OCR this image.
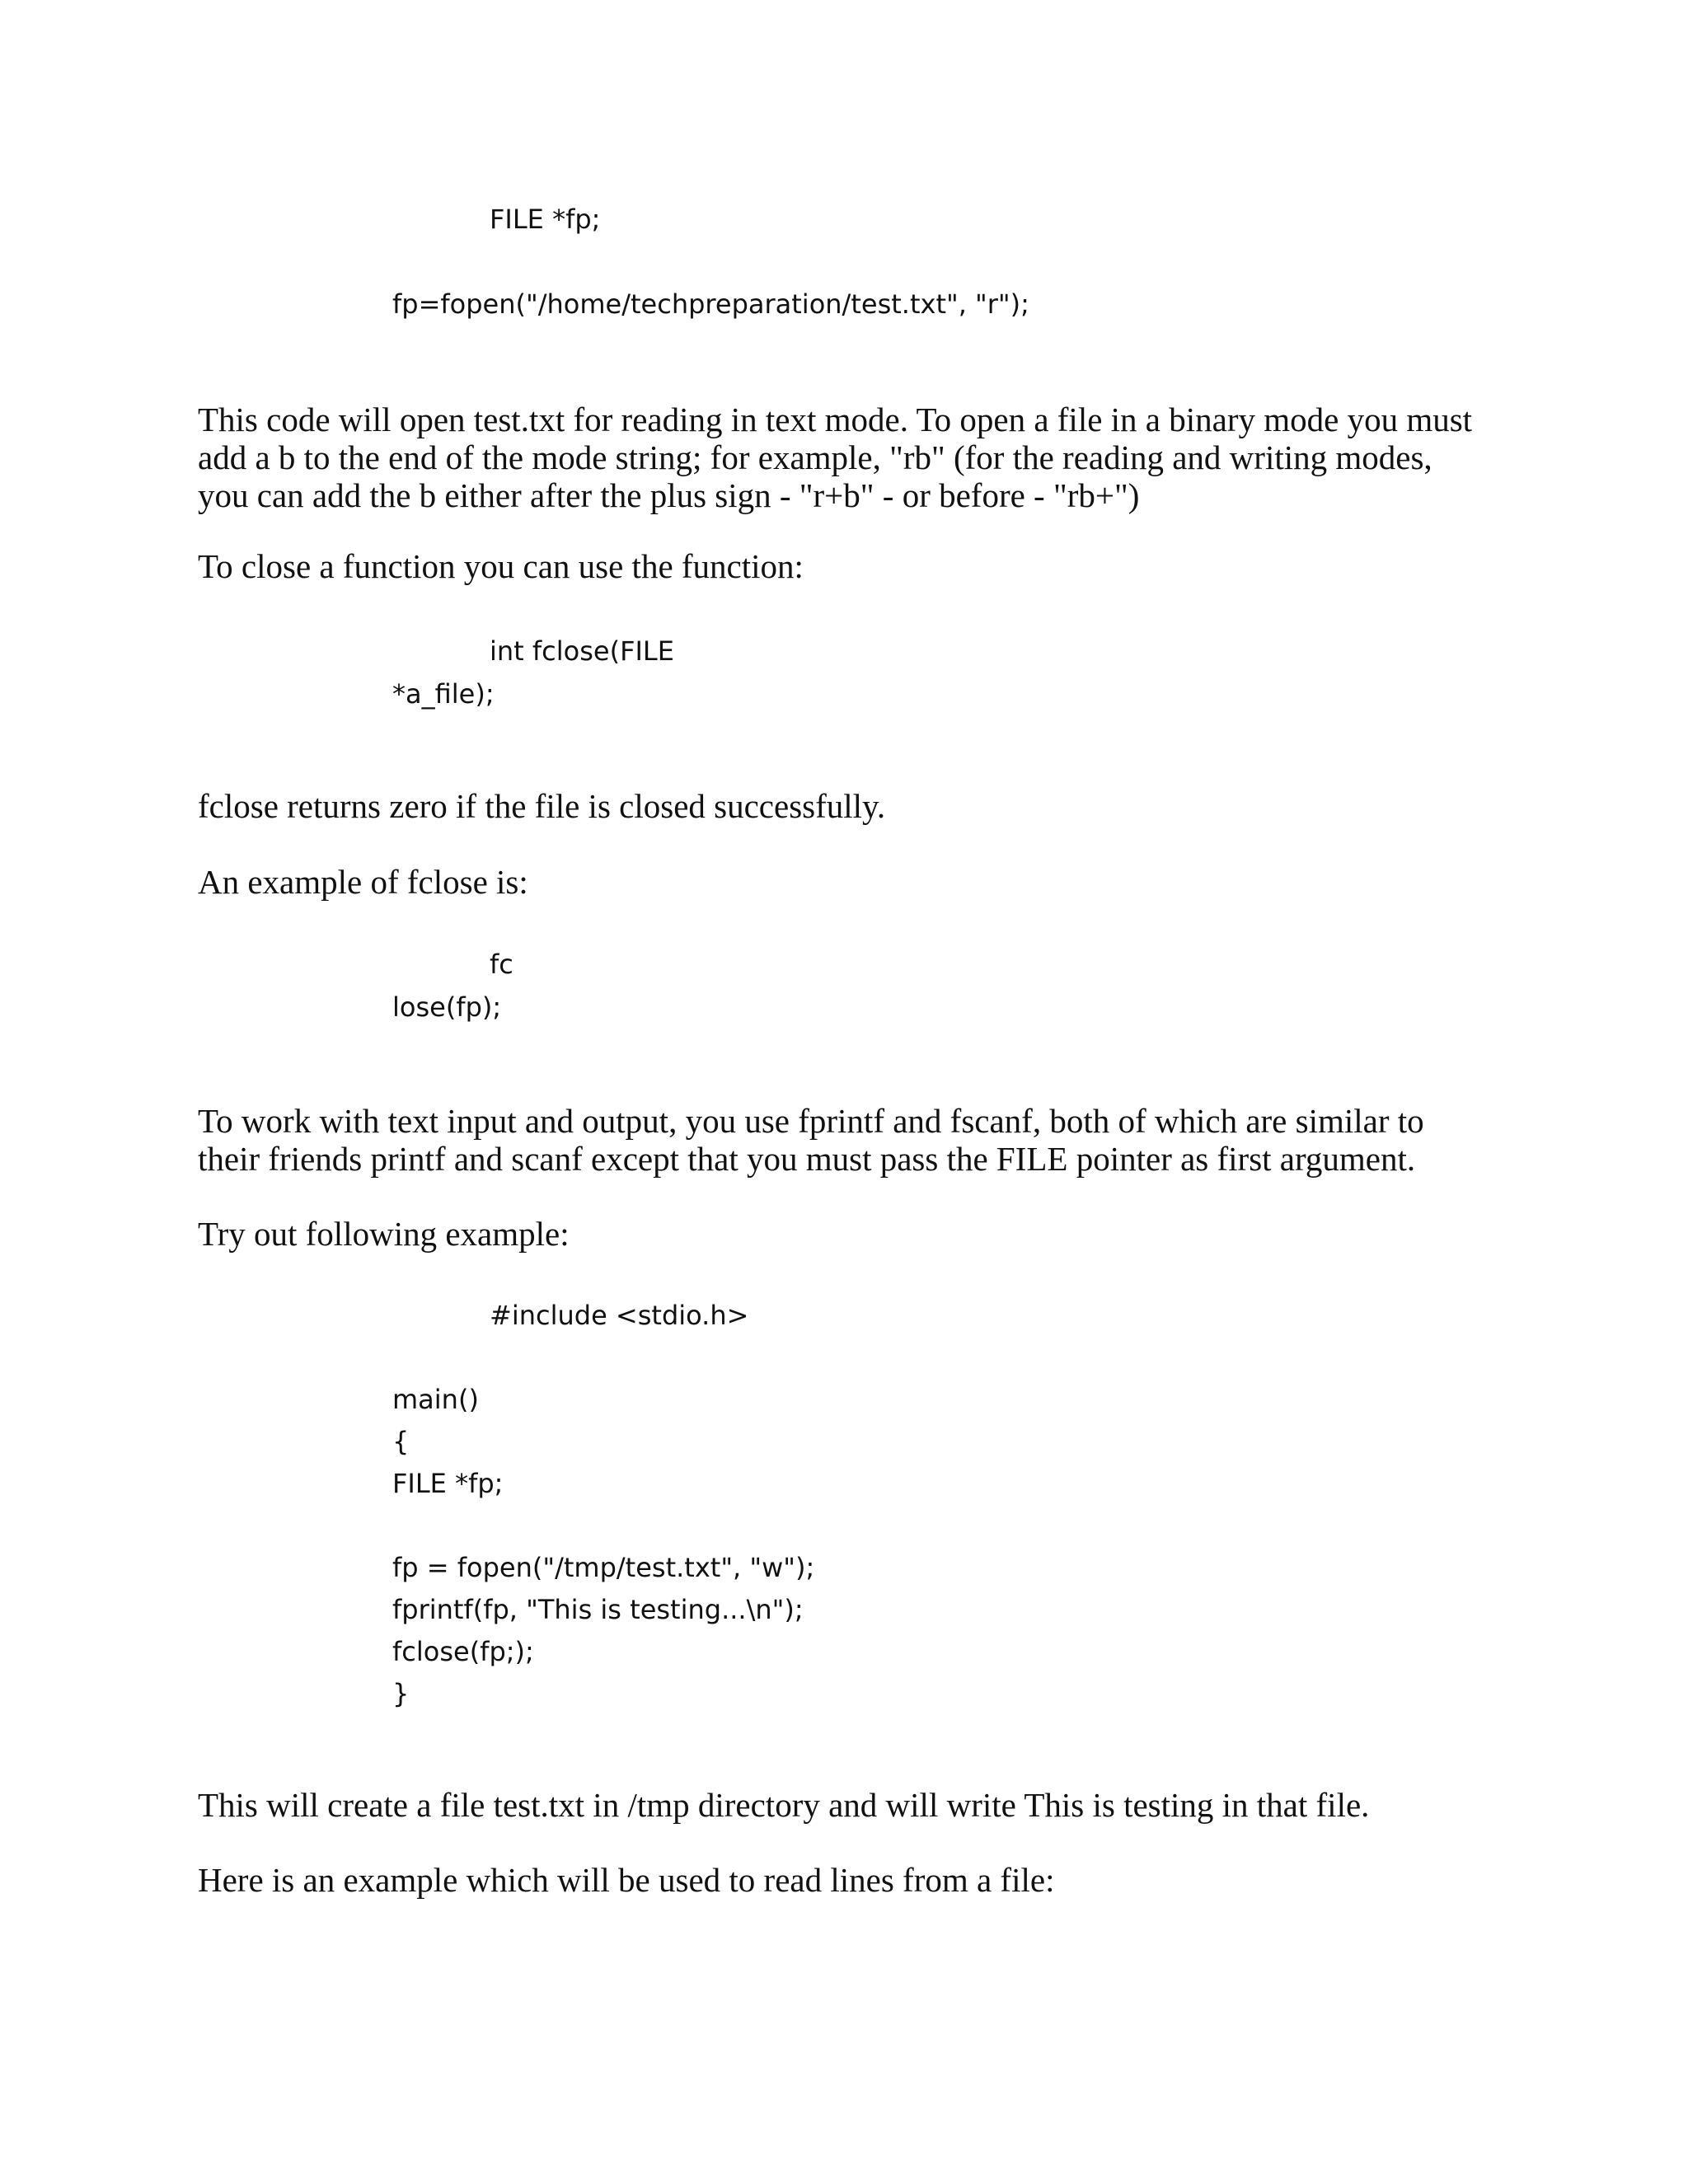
FILE *fp;
fp=fopen("/home/techpreparation/test.txt", "r");
This code will open test.txt for reading in text mode. To open a file in a binary mode you must add a b to the end of the mode string; for example, "rb" (for the reading and writing modes, you can add the b either after the plus sign - "r+b" - or before - "rb+")
To close a function you can use the function:
int fclose(FILE
*a_file);
fclose returns zero if the file is closed successfully.
An example of fclose is:
fc
lose(fp);
To work with text input and output, you use fprintf and fscanf, both of which are similar to their friends printf and scanf except that you must pass the FILE pointer as first argument.
Try out following example:
#include <stdio.h>
main()
{
FILE *fp;
fp = fopen("/tmp/test.txt", "w");
fprintf(fp, "This is testing...\n");
fclose(fp;);
}
This will create a file test.txt in /tmp directory and will write This is testing in that file.
Here is an example which will be used to read lines from a file:
